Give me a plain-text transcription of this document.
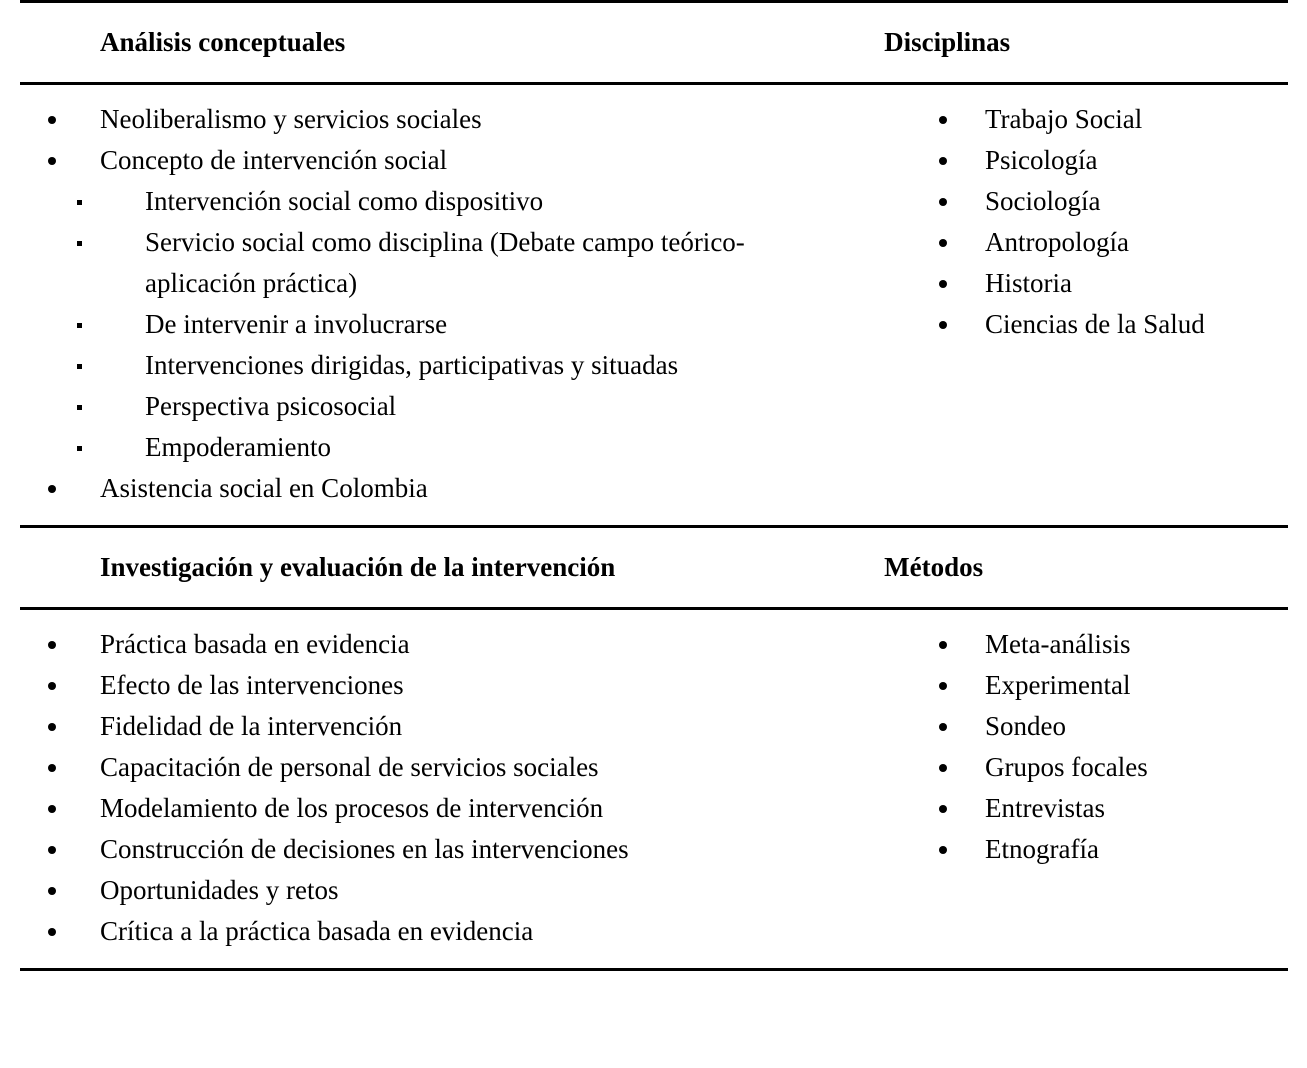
Análisis conceptuales	Disciplinas
Neoliberalismo y servicios sociales
Concepto de intervención social
Intervención social como dispositivo
Servicio social como disciplina (Debate campo teórico-aplicación práctica)
De intervenir a involucrarse
Intervenciones dirigidas, participativas y situadas
Perspectiva psicosocial
Empoderamiento
Asistencia social en Colombia
Trabajo Social
Psicología
Sociología
Antropología
Historia
Ciencias de la Salud
Investigación y evaluación de la intervención	Métodos
Práctica basada en evidencia
Efecto de las intervenciones
Fidelidad de la intervención
Capacitación de personal de servicios sociales
Modelamiento de los procesos de intervención
Construcción de decisiones en las intervenciones
Oportunidades y retos
Crítica a la práctica basada en evidencia
Meta-análisis
Experimental
Sondeo
Grupos focales
Entrevistas
Etnografía
